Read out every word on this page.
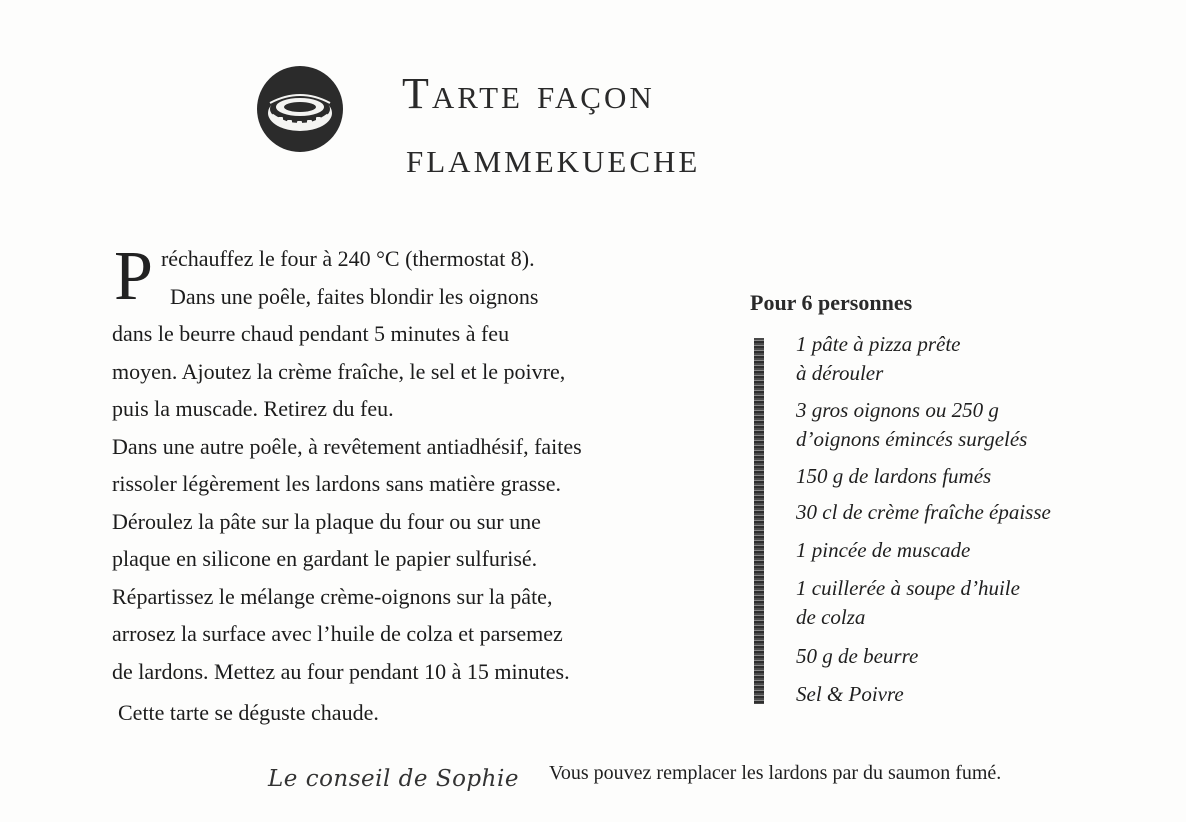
Tarte façon
flammekueche
P réchauffez le four à 240 °C (thermostat 8).
Dans une poêle, faites blondir les oignons
dans le beurre chaud pendant 5 minutes à feu
moyen. Ajoutez la crème fraîche, le sel et le poivre,
puis la muscade. Retirez du feu.
Dans une autre poêle, à revêtement antiadhésif, faites
rissoler légèrement les lardons sans matière grasse.
Déroulez la pâte sur la plaque du four ou sur une
plaque en silicone en gardant le papier sulfurisé.
Répartissez le mélange crème-oignons sur la pâte,
arrosez la surface avec l’huile de colza et parsemez
de lardons. Mettez au four pendant 10 à 15 minutes.
Cette tarte se déguste chaude.
Pour 6 personnes
1 pâte à pizza prête
à dérouler
3 gros oignons ou 250 g
d’oignons émincés surgelés
150 g de lardons fumés
30 cl de crème fraîche épaisse
1 pincée de muscade
1 cuillerée à soupe d’huile
de colza
50 g de beurre
Sel & Poivre
Le conseil de Sophie Vous pouvez remplacer les lardons par du saumon fumé.
